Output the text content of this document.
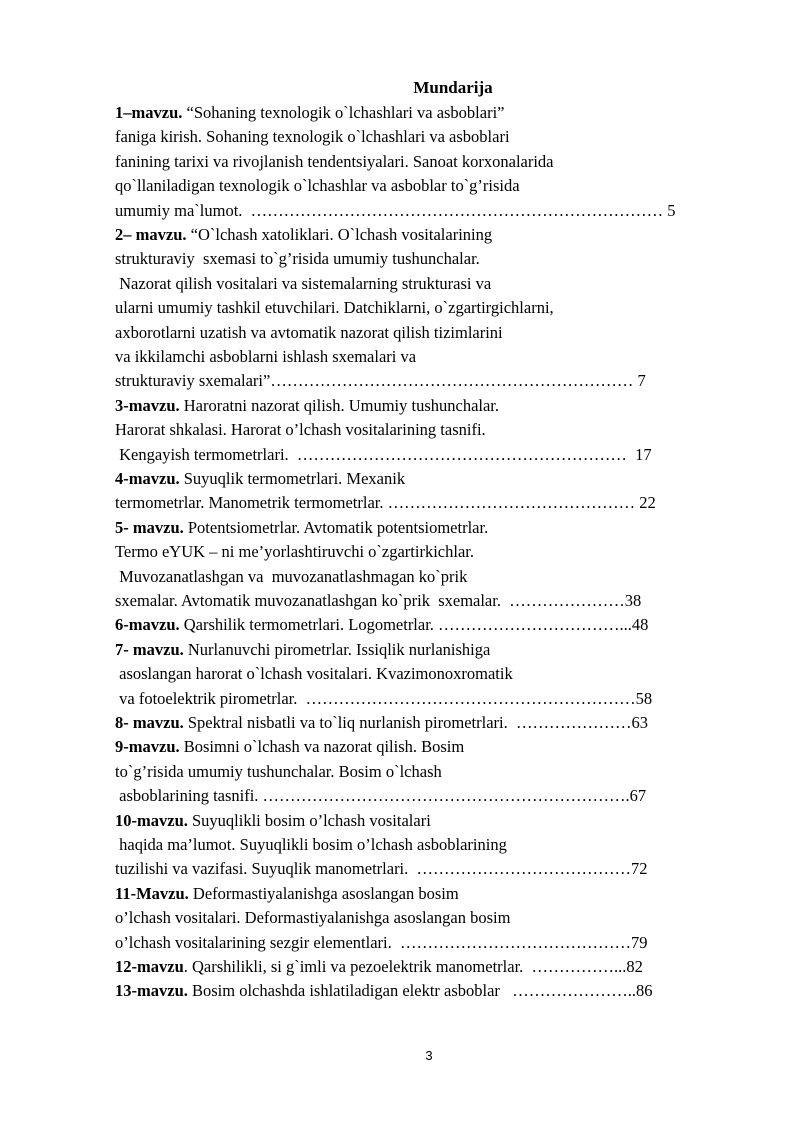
Mundarija
1–mavzu. “Sohaning texnologik o`lchashlari va asboblari”
faniga kirish. Sohaning texnologik o`lchashlari va asboblari
fanining tarixi va rivojlanish tendentsiyalari. Sanoat korxonalarida
qo`llaniladigan texnologik o`lchashlar va asboblar to`g’risida
umumiy ma`lumot.  ………………………………………………………………… 5
2– mavzu. “O`lchash xatoliklari. O`lchash vositalarining
strukturaviy  sxemasi to`g’risida umumiy tushunchalar.
Nazorat qilish vositalari va sistemalarning strukturasi va
ularni umumiy tashkil etuvchilari. Datchiklarni, o`zgartirgichlarni,
axborotlarni uzatish va avtomatik nazorat qilish tizimlarini
va ikkilamchi asboblarni ishlash sxemalari va
strukturaviy sxemalari”………………………………………………………… 7
3-mavzu. Haroratni nazorat qilish. Umumiy tushunchalar.
Harorat shkalasi. Harorat o’lchash vositalarining tasnifi.
Kengayish termometrlari.  ……………………………………………………  17
4-mavzu. Suyuqlik termometrlari. Mexanik
termometrlar. Manometrik termometrlar. ……………………………………… 22
5- mavzu. Potentsiometrlar. Avtomatik potentsiometrlar.
Termo eYUK – ni me’yorlashtiruvchi o`zgartirkichlar.
Muvozanatlashgan va  muvozanatlashmagan ko`prik
sxemalar. Avtomatik muvozanatlashgan ko`prik  sxemalar.  …………………38
6-mavzu. Qarshilik termometrlari. Logometrlar. ……………………………...48
7- mavzu. Nurlanuvchi pirometrlar. Issiqlik nurlanishiga
asoslangan harorat o`lchash vositalari. Kvazimonoxromatik
va fotoelektrik pirometrlar.  ……………………………………………………58
8- mavzu. Spektral nisbatli va to`liq nurlanish pirometrlari.  …………………63
9-mavzu. Bosimni o`lchash va nazorat qilish. Bosim
to`g’risida umumiy tushunchalar. Bosim o`lchash
asboblarining tasnifi. ………………………………………………………….67
10-mavzu. Suyuqlikli bosim o’lchash vositalari
haqida ma’lumot. Suyuqlikli bosim o’lchash asboblarining
tuzilishi va vazifasi. Suyuqlik manometrlari.  …………………………………72
11-Mavzu. Deformastiyalanishga asoslangan bosim
o’lchash vositalari. Deformastiyalanishga asoslangan bosim
o’lchash vositalarining sezgir elementlari.  ……………………………………79
12-mavzu. Qarshilikli, si g`imli va pezoelektrik manometrlar.  ……………...82
13-mavzu. Bosim olchashda ishlatiladigan elektr asboblar   …………………..86
3
